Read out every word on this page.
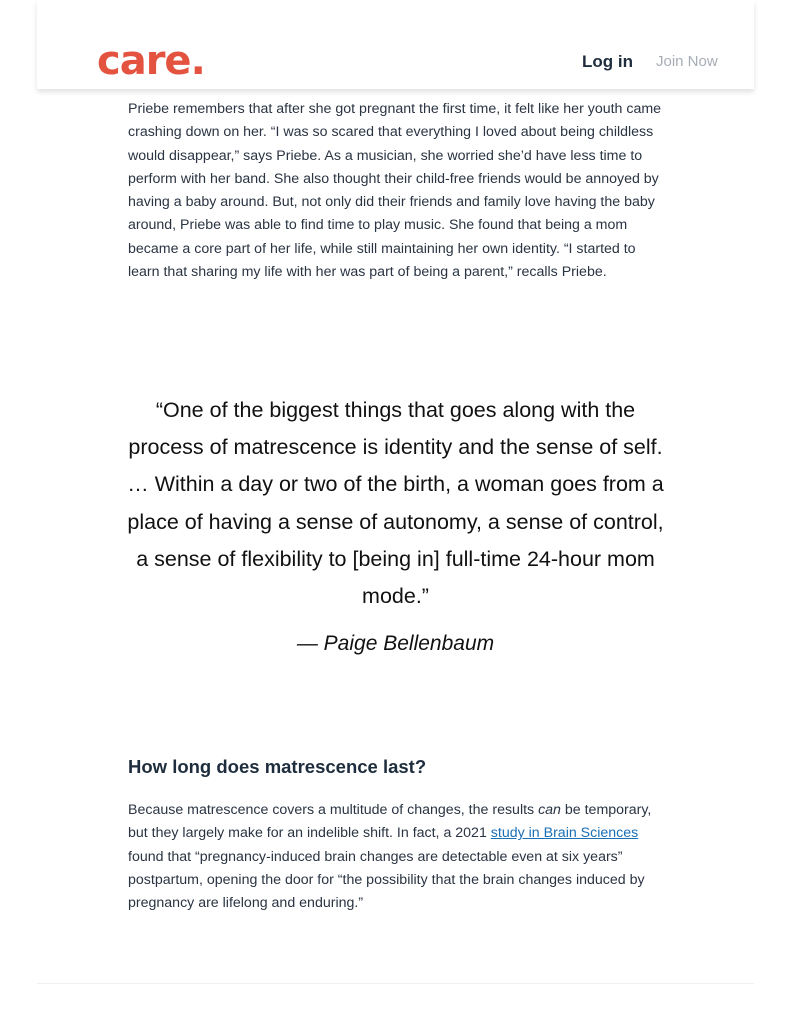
care.	Log in Join Now

Priebe remembers that after she got pregnant the first time, it felt like her youth came crashing down on her. “I was so scared that everything I loved about being childless would disappear,” says Priebe. As a musician, she worried she’d have less time to perform with her band. She also thought their child-free friends would be annoyed by having a baby around. But, not only did their friends and family love having the baby around, Priebe was able to find time to play music. She found that being a mom became a core part of her life, while still maintaining her own identity. “I started to learn that sharing my life with her was part of being a parent,” recalls Priebe.

“One of the biggest things that goes along with the process of matrescence is identity and the sense of self. … Within a day or two of the birth, a woman goes from a place of having a sense of autonomy, a sense of control, a sense of flexibility to [being in] full-time 24-hour mom mode.”

— Paige Bellenbaum
How long does matrescence last?

Because matrescence covers a multitude of changes, the results can be temporary, but they largely make for an indelible shift. In fact, a 2021 study in Brain Sciences found that “pregnancy-induced brain changes are detectable even at six years” postpartum, opening the door for “the possibility that the brain changes induced by pregnancy are lifelong and enduring.”
